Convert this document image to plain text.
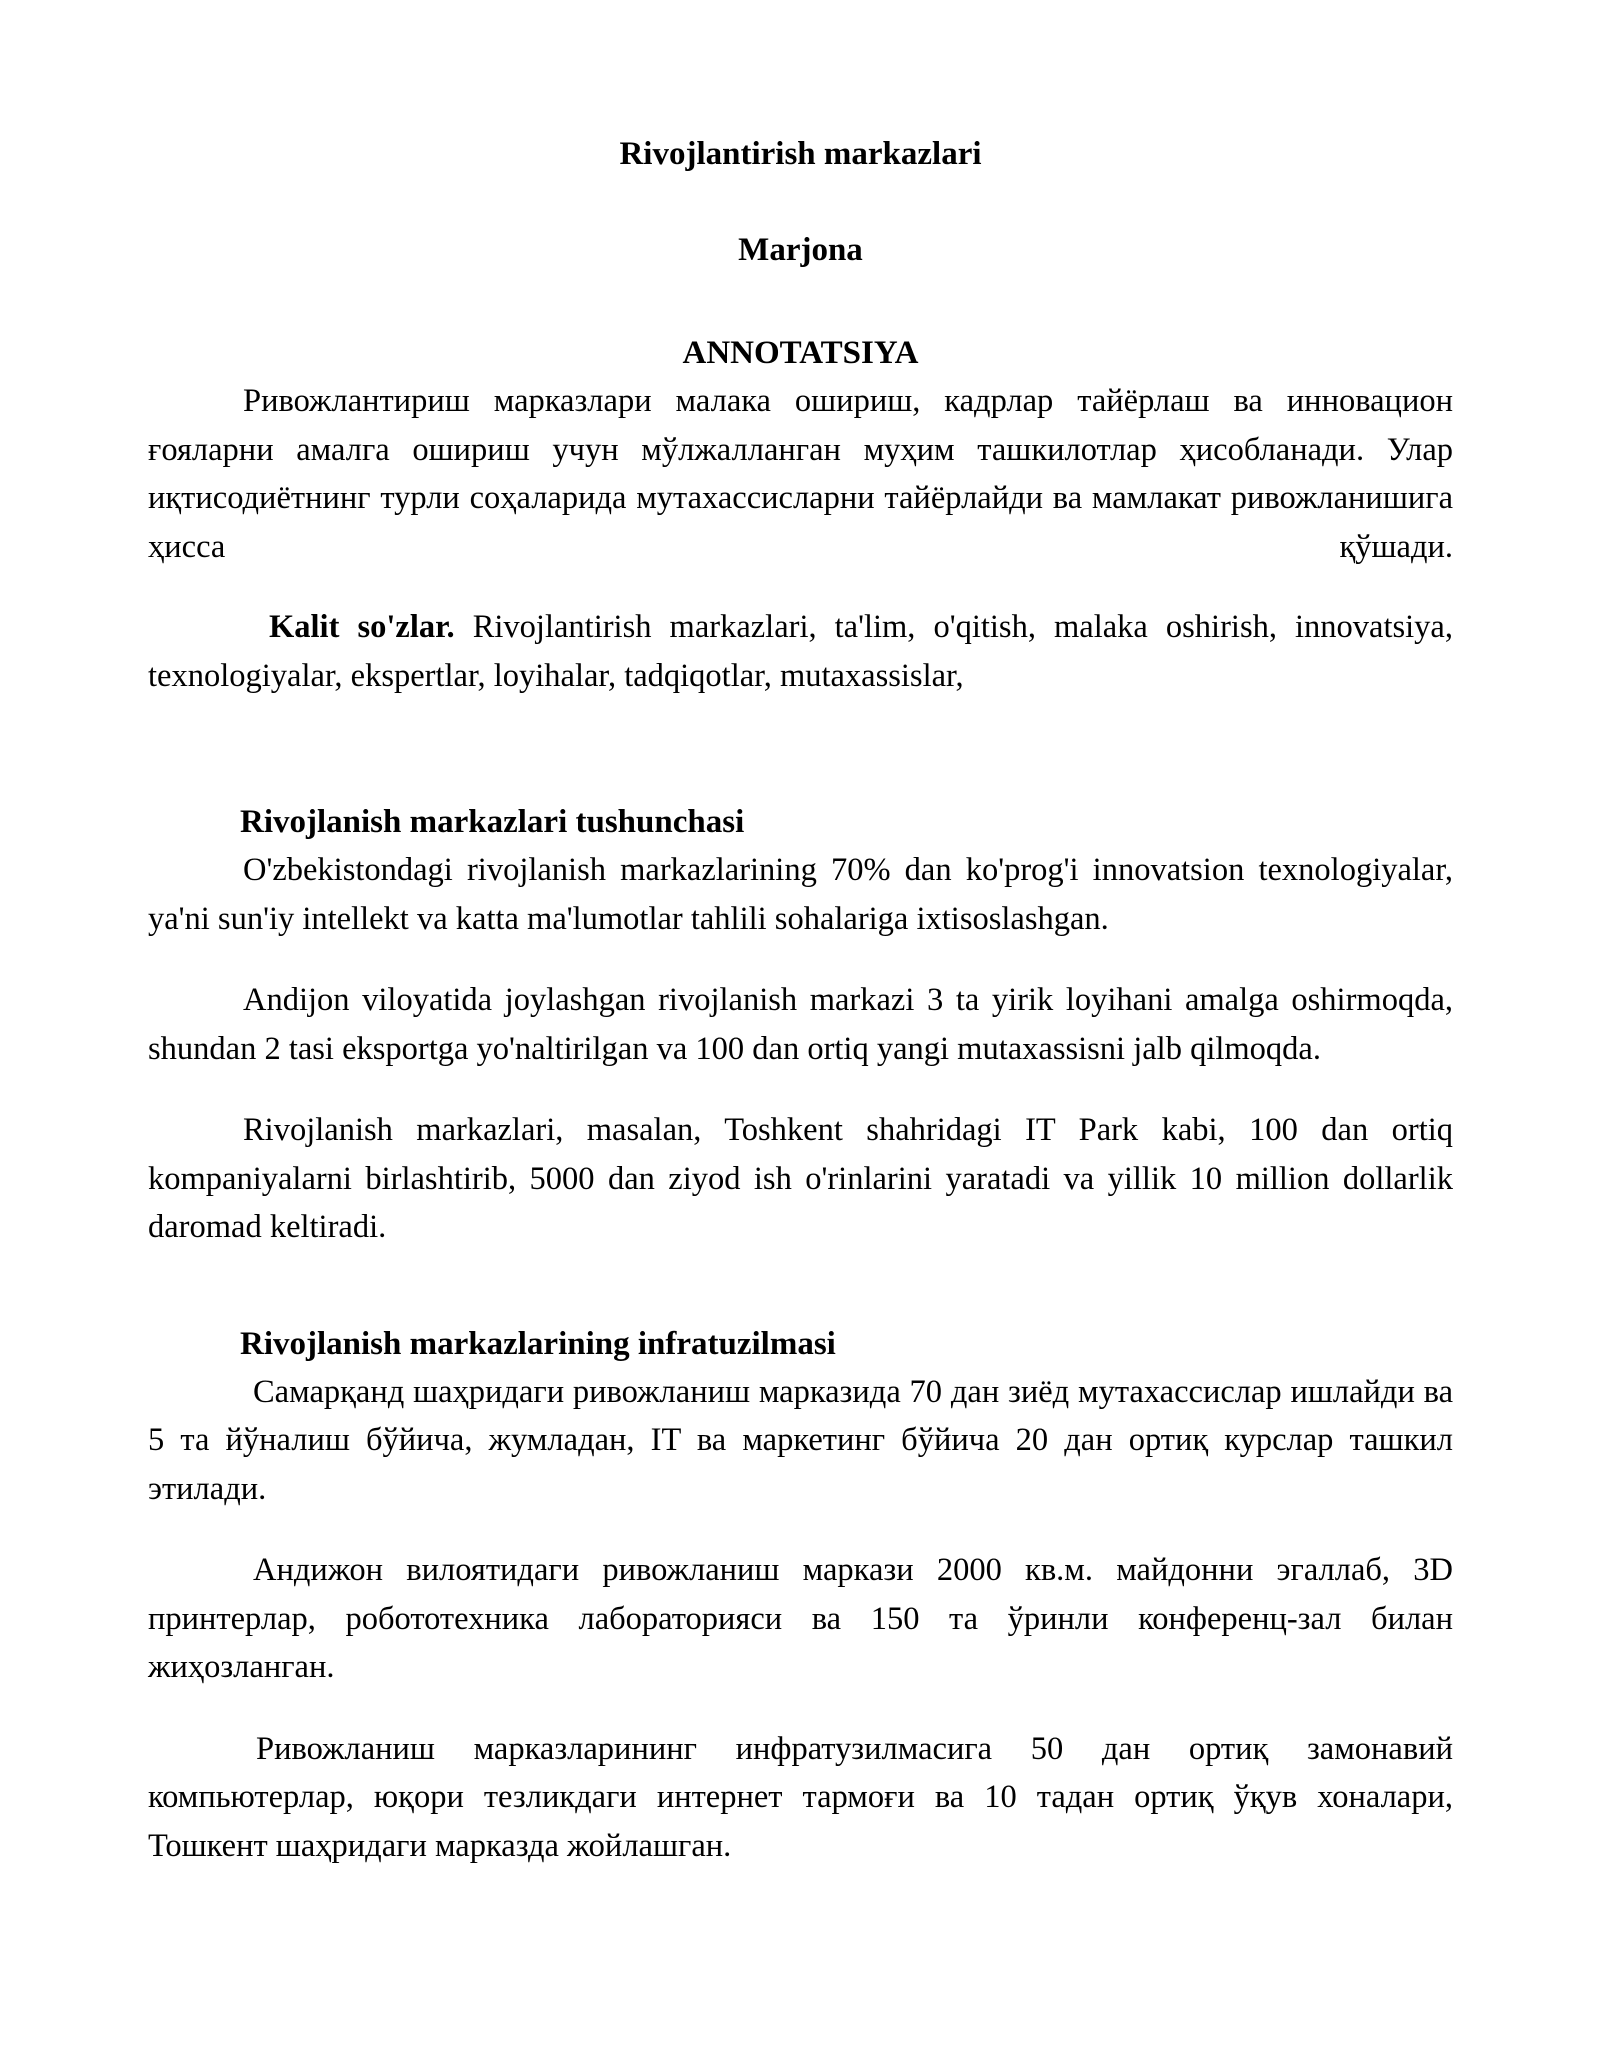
Rivojlantirish markazlari
Marjona
ANNOTATSIYA

Ривожлантириш марказлари малака ошириш, кадрлар тайёрлаш ва инновацион ғояларни амалга ошириш учун мўлжалланган муҳим ташкилотлар ҳисобланади. Улар иқтисодиётнинг турли соҳаларида мутахассисларни тайёрлайди ва мамлакат ривожланишига ҳисса қўшади.

Kalit so'zlar. Rivojlantirish markazlari, ta'lim, o'qitish, malaka oshirish, innovatsiya, texnologiyalar, ekspertlar, loyihalar, tadqiqotlar, mutaxassislar,

Rivojlanish markazlari tushunchasi

O'zbekistondagi rivojlanish markazlarining 70% dan ko'prog'i innovatsion texnologiyalar, ya'ni sun'iy intellekt va katta ma'lumotlar tahlili sohalariga ixtisoslashgan.

Andijon viloyatida joylashgan rivojlanish markazi 3 ta yirik loyihani amalga oshirmoqda, shundan 2 tasi eksportga yo'naltirilgan va 100 dan ortiq yangi mutaxassisni jalb qilmoqda.

Rivojlanish markazlari, masalan, Toshkent shahridagi IT Park kabi, 100 dan ortiq kompaniyalarni birlashtirib, 5000 dan ziyod ish o'rinlarini yaratadi va yillik 10 million dollarlik daromad keltiradi.

Rivojlanish markazlarining infratuzilmasi

Самарқанд шаҳридаги ривожланиш марказида 70 дан зиёд мутахассислар ишлайди ва 5 та йўналиш бўйича, жумладан, IT ва маркетинг бўйича 20 дан ортиқ курслар ташкил этилади.

Андижон вилоятидаги ривожланиш маркази 2000 кв.м. майдонни эгаллаб, 3D принтерлар, робототехника лабораторияси ва 150 та ўринли конференц-зал билан жиҳозланган.

Ривожланиш марказларининг инфратузилмасига 50 дан ортиқ замонавий компьютерлар, юқори тезликдаги интернет тармоғи ва 10 тадан ортиқ ўқув хоналари, Тошкент шаҳридаги марказда жойлашган.
